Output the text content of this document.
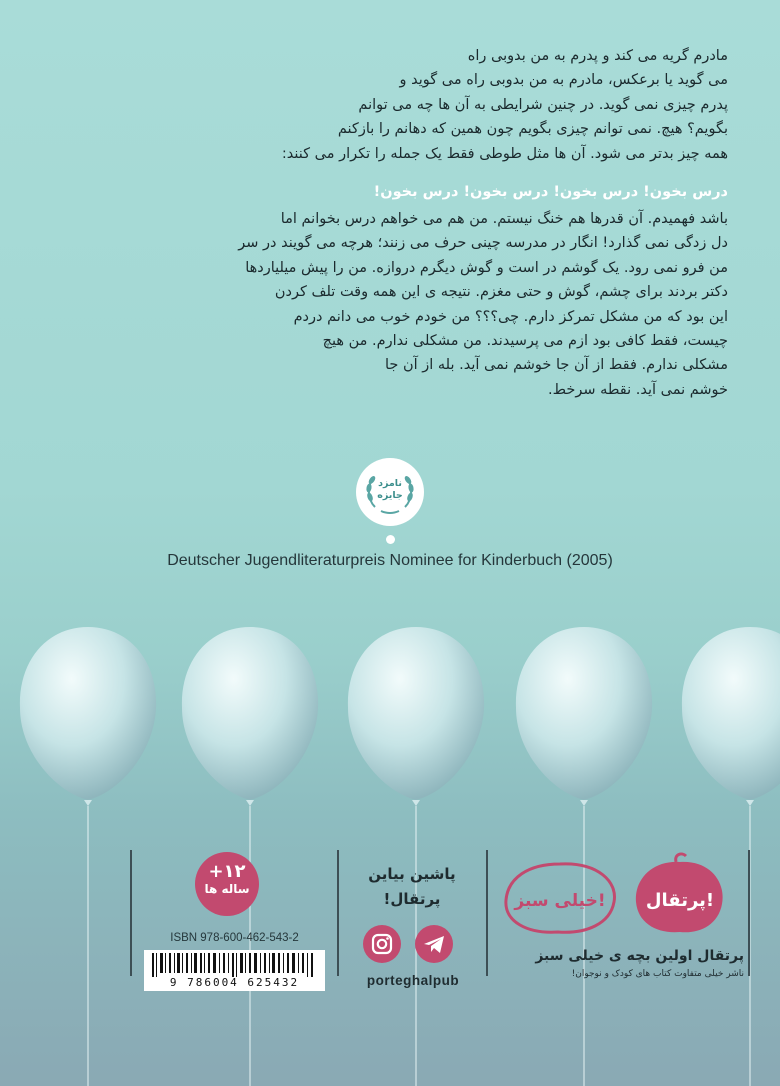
مادرم گریه می کند و پدرم به من بدوبی راه

می گوید یا برعکس، مادرم به من بدوبی راه می گوید و

پدرم چیزی نمی گوید. در چنین شرایطی به آن ها چه می توانم

بگویم؟ هیچ. نمی توانم چیزی بگویم چون همین که دهانم را بازکنم

همه چیز بدتر می شود. آن ها مثل طوطی فقط یک جمله را تکرار می کنند:

درس بخون! درس بخون! درس بخون! درس بخون!

باشد فهمیدم. آن قدرها هم خنگ نیستم. من هم می خواهم درس بخوانم اما

دل زدگی نمی گذارد! انگار در مدرسه چینی حرف می زنند؛ هرچه می گویند در سر

من فرو نمی رود. یک گوشم در است و گوش دیگرم دروازه. من را پیش میلیاردها

دکتر بردند برای چشم، گوش و حتی مغزم. نتیجه ی این همه وقت تلف کردن

این بود که من مشکل تمرکز دارم. چی؟؟؟ من خودم خوب می دانم دردم

چیست، فقط کافی بود ازم می پرسیدند. من مشکلی ندارم. من هیچ

مشکلی ندارم. فقط از آن جا خوشم نمی آید. بله از آن جا

خوشم نمی آید. نقطه سرخط.

نامزد
جایزه
Deutscher Jugendliteraturpreis Nominee for Kinderbuch (2005)
+۱۲
ساله ها
ISBN 978-600-462-543-2
9 786004 625432
پاشین بیاین
پرتقال!
porteghalpub
پرتقال!
خیلی سبز!
پرتقال اولین بچه ی خیلی سبز
ناشر خیلی متفاوت کتاب های کودک و نوجوان!
